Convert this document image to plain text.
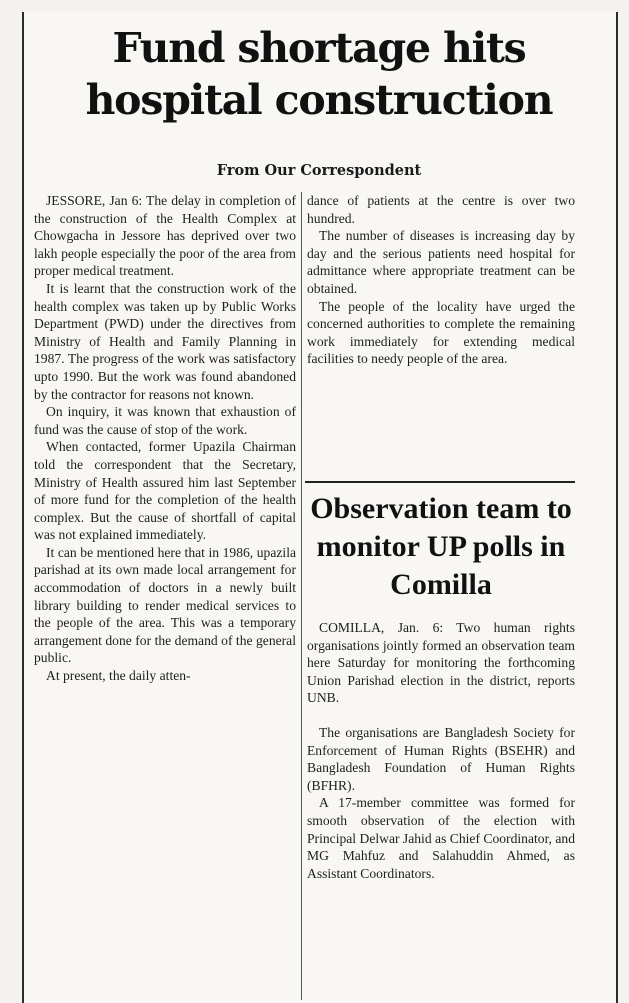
Fund shortage hits hospital construction
From Our Correspondent

JESSORE, Jan 6: The delay in completion of the construction of the Health Complex at Chowgacha in Jessore has deprived over two lakh people especially the poor of the area from proper medical treatment.

It is learnt that the construction work of the health complex was taken up by Public Works Department (PWD) under the directives from Ministry of Health and Family Planning in 1987. The progress of the work was satisfactory upto 1990. But the work was found abandoned by the contractor for reasons not known.

On inquiry, it was known that exhaustion of fund was the cause of stop of the work.

When contacted, former Upazila Chairman told the correspondent that the Secretary, Ministry of Health assured him last September of more fund for the completion of the health complex. But the cause of shortfall of capital was not explained immediately.

It can be mentioned here that in 1986, upazila parishad at its own made local arrangement for accommodation of doctors in a newly built library building to render medical services to the people of the area. This was a temporary arrangement done for the demand of the general public.

At present, the daily atten-

dance of patients at the centre is over two hundred.

The number of diseases is increasing day by day and the serious patients need hospital for admittance where appropriate treatment can be obtained.

The people of the locality have urged the concerned authorities to complete the remaining work immediately for extending medical facilities to needy people of the area.

Observation team to monitor UP polls in Comilla

COMILLA, Jan. 6: Two human rights organisations jointly formed an observation team here Saturday for monitoring the forthcoming Union Parishad election in the district, reports UNB.

The organisations are Bangladesh Society for Enforcement of Human Rights (BSEHR) and Bangladesh Foundation of Human Rights (BFHR).

A 17-member committee was formed for smooth observation of the election with Principal Delwar Jahid as Chief Coordinator, and MG Mahfuz and Salahuddin Ahmed, as Assistant Coordinators.
